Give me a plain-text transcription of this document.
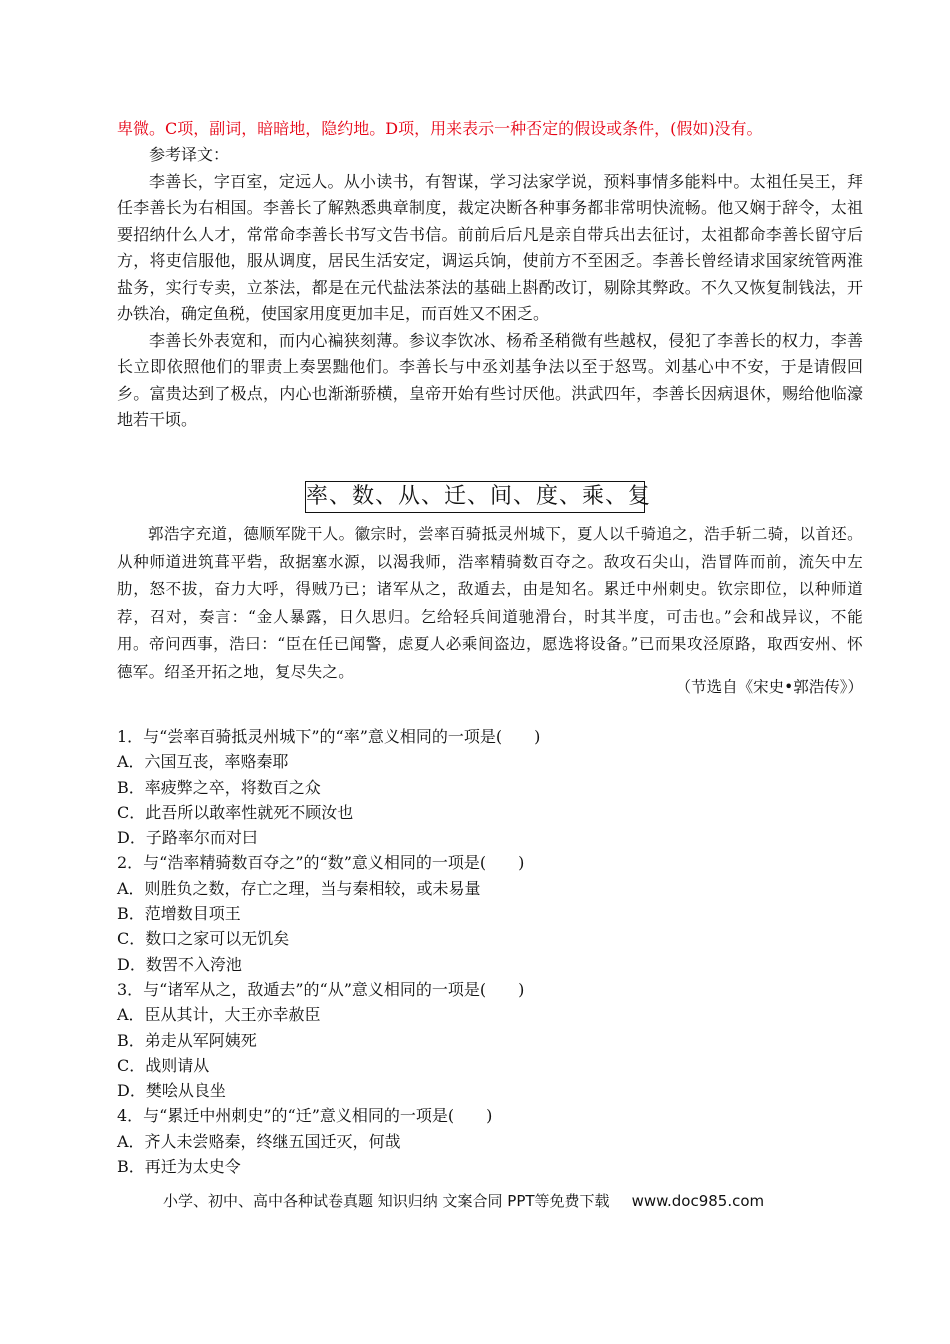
卑微。C项，副词，暗暗地，隐约地。D项，用来表示一种否定的假设或条件，(假如)没有。

参考译文：

李善长，字百室，定远人。从小读书，有智谋，学习法家学说，预料事情多能料中。太祖任吴王，拜任李善长为右相国。李善长了解熟悉典章制度，裁定决断各种事务都非常明快流畅。他又娴于辞令，太祖要招纳什么人才，常常命李善长书写文告书信。前前后后凡是亲自带兵出去征讨，太祖都命李善长留守后方，将吏信服他，服从调度，居民生活安定，调运兵饷，使前方不至困乏。李善长曾经请求国家统管两淮盐务，实行专卖，立茶法，都是在元代盐法茶法的基础上斟酌改订，剔除其弊政。不久又恢复制钱法，开办铁冶，确定鱼税，使国家用度更加丰足，而百姓又不困乏。

李善长外表宽和，而内心褊狭刻薄。参议李饮冰、杨希圣稍微有些越权，侵犯了李善长的权力，李善长立即依照他们的罪责上奏罢黜他们。李善长与中丞刘基争法以至于怒骂。刘基心中不安，于是请假回乡。富贵达到了极点，内心也渐渐骄横，皇帝开始有些讨厌他。洪武四年，李善长因病退休，赐给他临濠地若干顷。

率、数、从、迁、间、度、乘、复

郭浩字充道，德顺军陇干人。徽宗时，尝率百骑抵灵州城下，夏人以千骑追之，浩手斩二骑，以首还。从种师道进筑葺平砦，敌据塞水源，以渴我师，浩率精骑数百夺之。敌攻石尖山，浩冒阵而前，流矢中左肋，怒不拔，奋力大呼，得贼乃已；诸军从之，敌遁去，由是知名。累迁中州刺史。钦宗即位，以种师道荐，召对，奏言：“金人暴露，日久思归。乞给轻兵间道驰滑台，时其半度，可击也。”会和战异议，不能用。帝问西事，浩曰：“臣在任已闻警，虑夏人必乘间盗边，愿选将设备。”已而果攻泾原路，取西安州、怀德军。绍圣开拓之地，复尽失之。

（节选自《宋史•郭浩传》）
1．与“尝率百骑抵灵州城下”的“率”意义相同的一项是(　　)
A．六国互丧，率赂秦耶
B．率疲弊之卒，将数百之众
C．此吾所以敢率性就死不顾汝也
D．子路率尔而对曰
2．与“浩率精骑数百夺之”的“数”意义相同的一项是(　　)
A．则胜负之数，存亡之理，当与秦相较，或未易量
B．范增数目项王
C．数口之家可以无饥矣
D．数罟不入洿池
3．与“诸军从之，敌遁去”的“从”意义相同的一项是(　　)
A．臣从其计，大王亦幸赦臣
B．弟走从军阿姨死
C．战则请从
D．樊哙从良坐
4．与“累迁中州刺史”的“迁”意义相同的一项是(　　)
A．齐人未尝赂秦，终继五国迁灭，何哉
B．再迁为太史令
小学、初中、高中各种试卷真题 知识归纳 文案合同 PPT等免费下载 www.doc985.com
